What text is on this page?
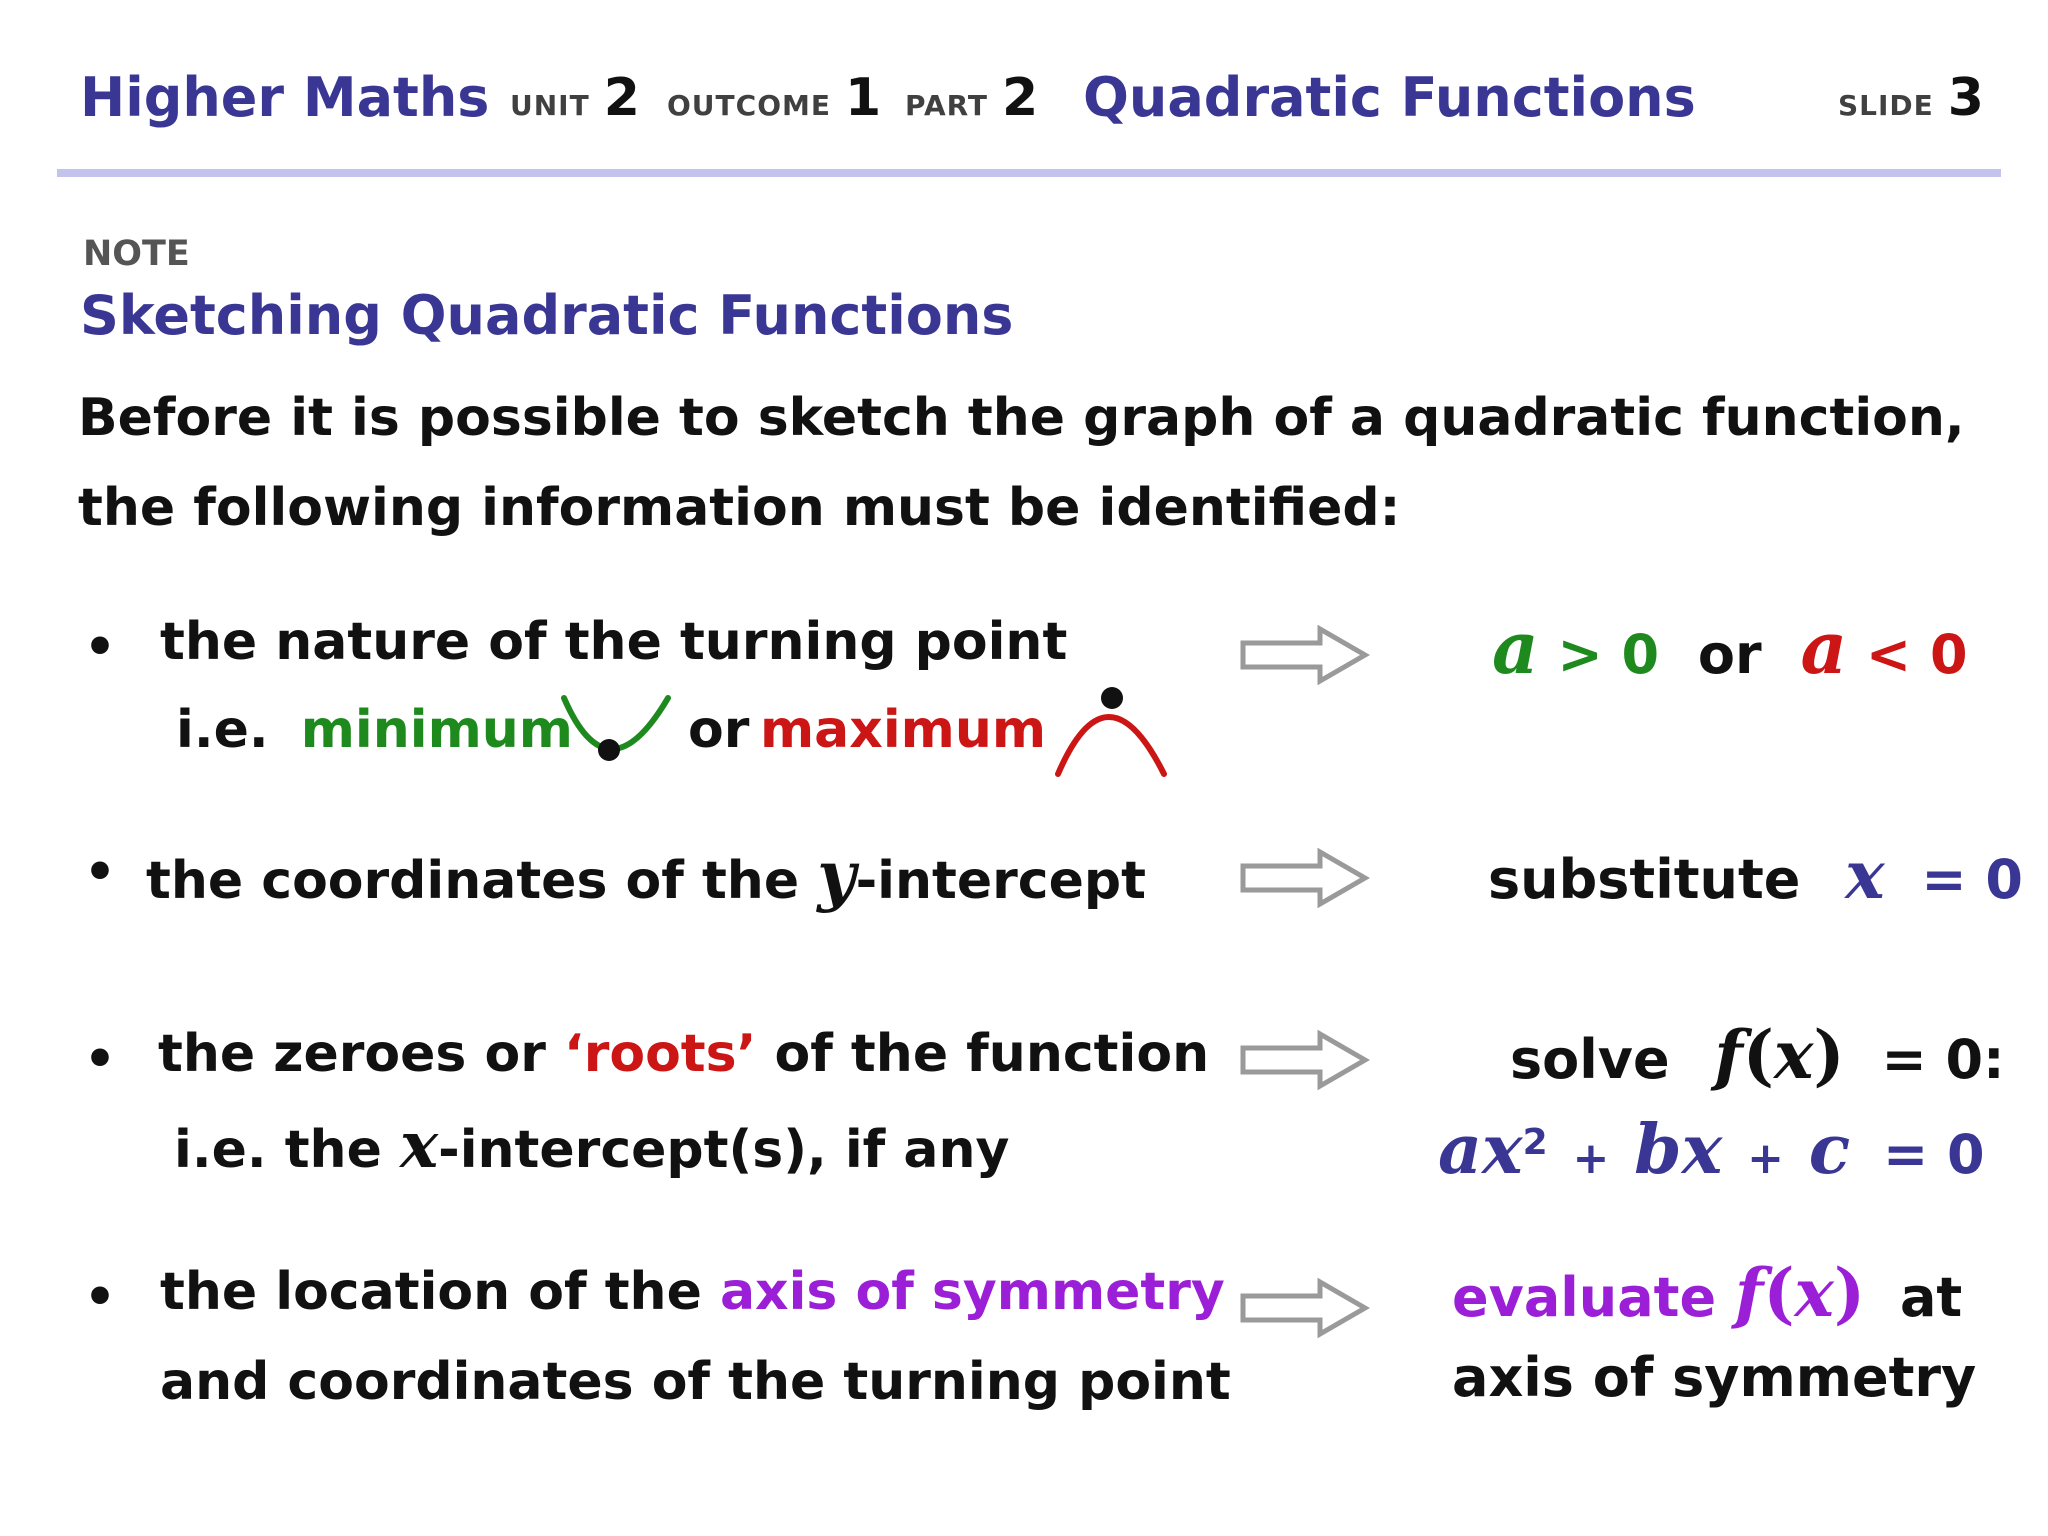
Higher Maths UNIT 2 OUTCOME 1 PART 2 Quadratic Functions	SLIDE 3
NOTE
Sketching Quadratic Functions
Before it is possible to sketch the graph of a quadratic function,
the following information must be identified:
• the nature of the turning point
i.e. minimum or maximum
a > 0 or a < 0
• the coordinates of the y-intercept	substitute x = 0
• the zeroes or ‘roots’ of the function
i.e. the x-intercept(s), if any
solve f(x) = 0:
$ax^2$ + bx + c = 0
• the location of the axis of symmetry
and coordinates of the turning point
evaluate f(x) at
axis of symmetry
